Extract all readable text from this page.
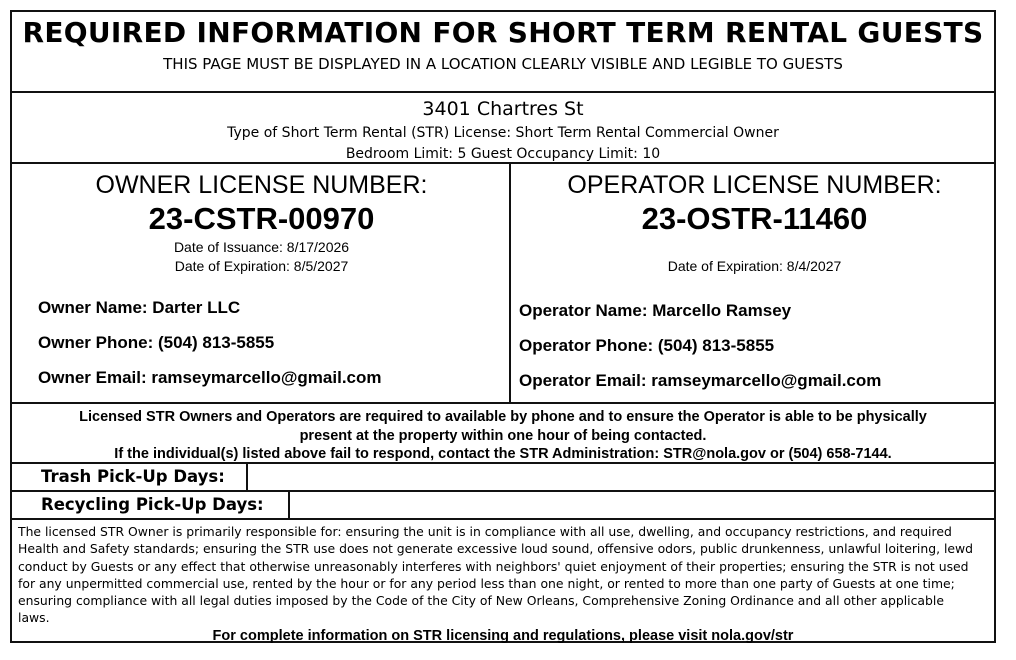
REQUIRED INFORMATION FOR SHORT TERM RENTAL GUESTS
THIS PAGE MUST BE DISPLAYED IN A LOCATION CLEARLY VISIBLE AND LEGIBLE TO GUESTS
3401 Chartres St
Type of Short Term Rental (STR) License: Short Term Rental Commercial Owner
Bedroom Limit: 5 Guest Occupancy Limit: 10
OWNER LICENSE NUMBER:
23-CSTR-00970
Date of Issuance: 8/17/2026
Date of Expiration: 8/5/2027
Owner Name: Darter LLC
Owner Phone: (504) 813-5855
Owner Email: ramseymarcello@gmail.com
OPERATOR LICENSE NUMBER:
23-OSTR-11460
Date of Expiration: 8/4/2027
Operator Name: Marcello Ramsey
Operator Phone: (504) 813-5855
Operator Email: ramseymarcello@gmail.com
Licensed STR Owners and Operators are required to available by phone and to ensure the Operator is able to be physically
present at the property within one hour of being contacted.
If the individual(s) listed above fail to respond, contact the STR Administration: STR@nola.gov or (504) 658-7144.
Trash Pick-Up Days:
Recycling Pick-Up Days:
The licensed STR Owner is primarily responsible for: ensuring the unit is in compliance with all use, dwelling, and occupancy restrictions, and required
Health and Safety standards; ensuring the STR use does not generate excessive loud sound, offensive odors, public drunkenness, unlawful loitering, lewd
conduct by Guests or any effect that otherwise unreasonably interferes with neighbors' quiet enjoyment of their properties; ensuring the STR is not used
for any unpermitted commercial use, rented by the hour or for any period less than one night, or rented to more than one party of Guests at one time;
ensuring compliance with all legal duties imposed by the Code of the City of New Orleans, Comprehensive Zoning Ordinance and all other applicable
laws.
For complete information on STR licensing and regulations, please visit nola.gov/str
